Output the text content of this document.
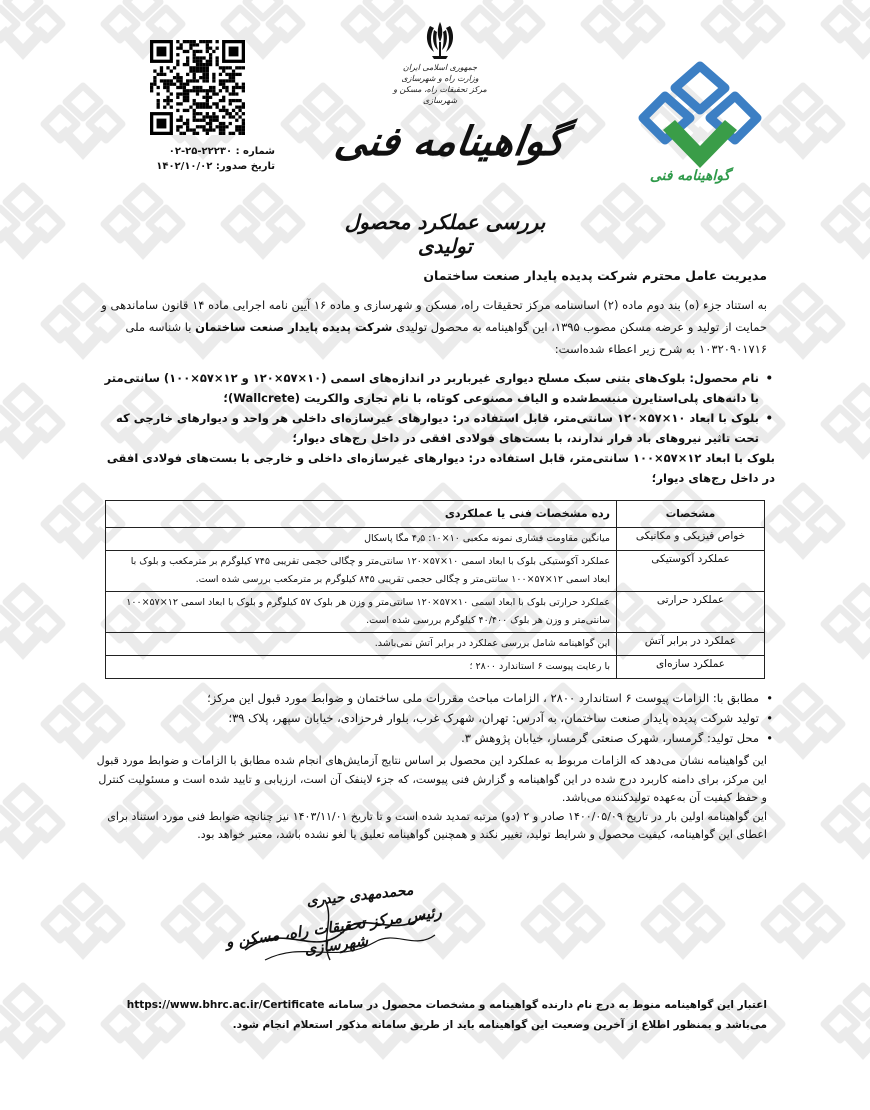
جمهوری اسلامی ایران
وزارت راه و شهرسازی
مرکز تحقیقات راه، مسکن و شهرسازی
شماره : ۲۲۲۳۰-۲۵-۰۲
تاریخ صدور: ۱۴۰۲/۱۰/۰۲
گواهینامه فنی
بررسی عملکرد محصول تولیدی
گواهینامه فنی
مدیریت عامل محترم شرکت پدیده پایدار صنعت ساختمان
به استناد جزء (ه) بند دوم ماده (۲) اساسنامه مرکز تحقیقات راه، مسکن و شهرسازی و ماده ۱۶ آیین نامه اجرایی ماده ۱۴ قانون ساماندهی و حمایت از تولید و عرضه مسکن مصوب ۱۳۹۵، این گواهینامه به محصول تولیدی شرکت پدیده پایدار صنعت ساختمان با شناسه ملی ۱۰۳۲۰۹۰۱۷۱۶ به شرح زیر اعطاء شده‌است:
• نام محصول: بلوک‌های بتنی سبک مسلح دیواری غیرباربر در اندازه‌های اسمی (۱۰×۵۷×۱۲۰ و ۱۲×۵۷×۱۰۰) سانتی‌متر با دانه‌های پلی‌استایرن منبسط‌شده و الیاف مصنوعی کوتاه، با نام تجاری والکریت (Wallcrete)؛
• بلوک با ابعاد ۱۰×۵۷×۱۲۰ سانتی‌متر، قابل استفاده در: دیوارهای غیرسازه‌ای داخلی هر واحد و دیوارهای خارجی که تحت تاثیر نیروهای باد قرار ندارند، با بست‌های فولادی افقی در داخل رج‌های دیوار؛
بلوک با ابعاد ۱۲×۵۷×۱۰۰ سانتی‌متر، قابل استفاده در: دیوارهای غیرسازه‌ای داخلی و خارجی با بست‌های فولادی افقی در داخل رج‌های دیوار؛
مشخصات	رده مشخصات فنی یا عملکردی
خواص فیزیکی و مکانیکی	میانگین مقاومت فشاری نمونه مکعبی ۱۰×۱۰: ۴٫۵ مگا پاسکال
عملکرد آکوستیکی	عملکرد آکوستیکی بلوک با ابعاد اسمی ۱۰×۵۷×۱۲۰ سانتی‌متر و چگالی حجمی تقریبی ۷۴۵ کیلوگرم بر مترمکعب و بلوک با ابعاد اسمی ۱۲×۵۷×۱۰۰ سانتی‌متر و چگالی حجمی تقریبی ۸۴۵ کیلوگرم بر مترمکعب بررسی شده است.
عملکرد حرارتی	عملکرد حرارتی بلوک با ابعاد اسمی ۱۰×۵۷×۱۲۰ سانتی‌متر و وزن هر بلوک ۵۷ کیلوگرم و بلوک با ابعاد اسمی ۱۲×۵۷×۱۰۰ سانتی‌متر و وزن هر بلوک ۴۰/۴۰۰ کیلوگرم بررسی شده است.
عملکرد در برابر آتش	این گواهینامه شامل بررسی عملکرد در برابر آتش نمی‌باشد.
عملکرد سازه‌ای	با رعایت پیوست ۶ استاندارد ۲۸۰۰ ؛
• مطابق با: الزامات پیوست ۶ استاندارد ۲۸۰۰ ، الزامات مباحث مقررات ملی ساختمان و ضوابط مورد قبول این مرکز؛
• تولید شرکت پدیده پایدار صنعت ساختمان، به آدرس: تهران، شهرک غرب، بلوار فرحزادی، خیابان سپهر، پلاک ۳۹؛
• محل تولید: گرمسار، شهرک صنعتی گرمسار، خیابان پژوهش ۳.
این گواهینامه نشان می‌دهد که الزامات مربوط به عملکرد این محصول بر اساس نتایج آزمایش‌های انجام شده مطابق با الزامات و ضوابط مورد قبول این مرکز، برای دامنه کاربرد درج شده در این گواهینامه و گزارش فنی پیوست، که جزء لاینفک آن است، ارزیابی و تایید شده است و مسئولیت کنترل و حفظ کیفیت آن به‌عهده تولیدکننده می‌باشد.
این گواهینامه اولین بار در تاریخ ۱۴۰۰/۰۵/۰۹ صادر و ۲ (دو) مرتبه تمدید شده است و تا تاریخ ۱۴۰۳/۱۱/۰۱ نیز چنانچه ضوابط فنی مورد استناد برای اعطای این گواهینامه، کیفیت محصول و شرایط تولید، تغییر نکند و همچنین گواهینامه تعلیق یا لغو نشده باشد، معتبر خواهد بود.
محمدمهدی حیدری
رئیس مرکز تحقیقات راه، مسکن و شهرسازی
اعتبار این گواهینامه منوط به درج نام دارنده گواهینامه و مشخصات محصول در سامانه https://www.bhrc.ac.ir/Certificate می‌باشد و بمنظور اطلاع از آخرین وضعیت این گواهینامه باید از طریق سامانه مذکور استعلام انجام شود.
